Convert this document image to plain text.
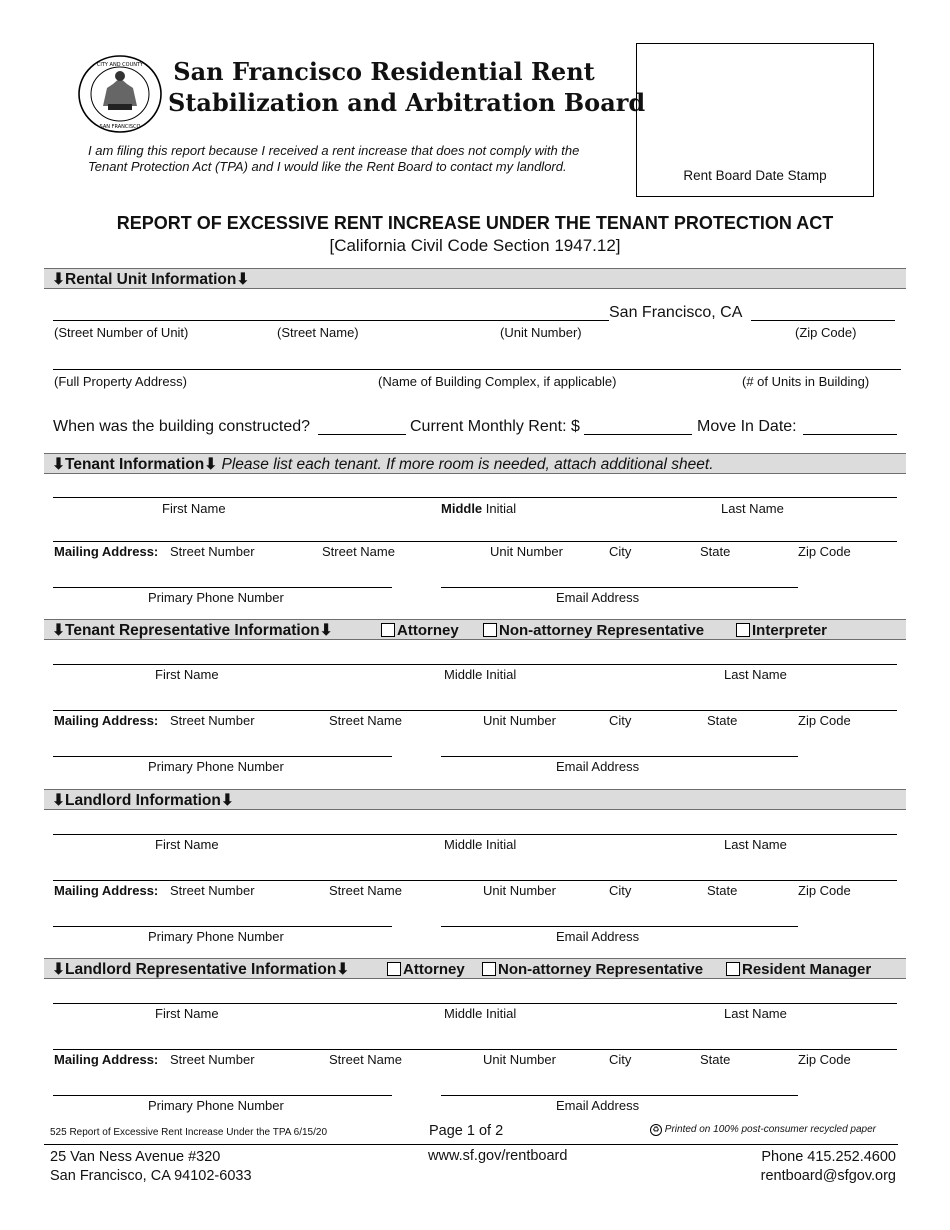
CITY AND COUNTY
SAN FRANCISCO
San Francisco Residential Rent
Stabilization and Arbitration Board
I am filing this report because I received a rent increase that does not comply with the
Tenant Protection Act (TPA) and I would like the Rent Board to contact my landlord.
Rent Board Date Stamp
REPORT OF EXCESSIVE RENT INCREASE UNDER THE TENANT PROTECTION ACT
[California Civil Code Section 1947.12]
⬇Rental Unit Information⬇
San Francisco, CA
(Street Number of Unit)	(Street Name)	(Unit Number)	(Zip Code)
(Full Property Address)	(Name of Building Complex, if applicable)	(# of Units in Building)
When was the building constructed?	Current Monthly Rent: $	Move In Date:
⬇Tenant Information⬇ Please list each tenant. If more room is needed, attach additional sheet.
First Name	Middle Initial	Last Name
Mailing Address: Street Number	Street Name	Unit Number	City	State	Zip Code
Primary Phone Number	Email Address
⬇Tenant Representative Information⬇	Attorney	Non-attorney Representative	Interpreter
First Name	Middle Initial	Last Name
Mailing Address: Street Number	Street Name	Unit Number	City	State	Zip Code
Primary Phone Number	Email Address
⬇Landlord Information⬇
First Name	Middle Initial	Last Name
Mailing Address: Street Number	Street Name	Unit Number	City	State	Zip Code
Primary Phone Number	Email Address
⬇Landlord Representative Information⬇	Attorney	Non-attorney Representative	Resident Manager
First Name	Middle Initial	Last Name
Mailing Address: Street Number	Street Name	Unit Number	City	State	Zip Code
Primary Phone Number	Email Address
525 Report of Excessive Rent Increase Under the TPA 6/15/20	Page 1 of 2	♻ Printed on 100% post-consumer recycled paper
25 Van Ness Avenue #320
San Francisco, CA 94102-6033
www.sf.gov/rentboard	Phone 415.252.4600
rentboard@sfgov.org
